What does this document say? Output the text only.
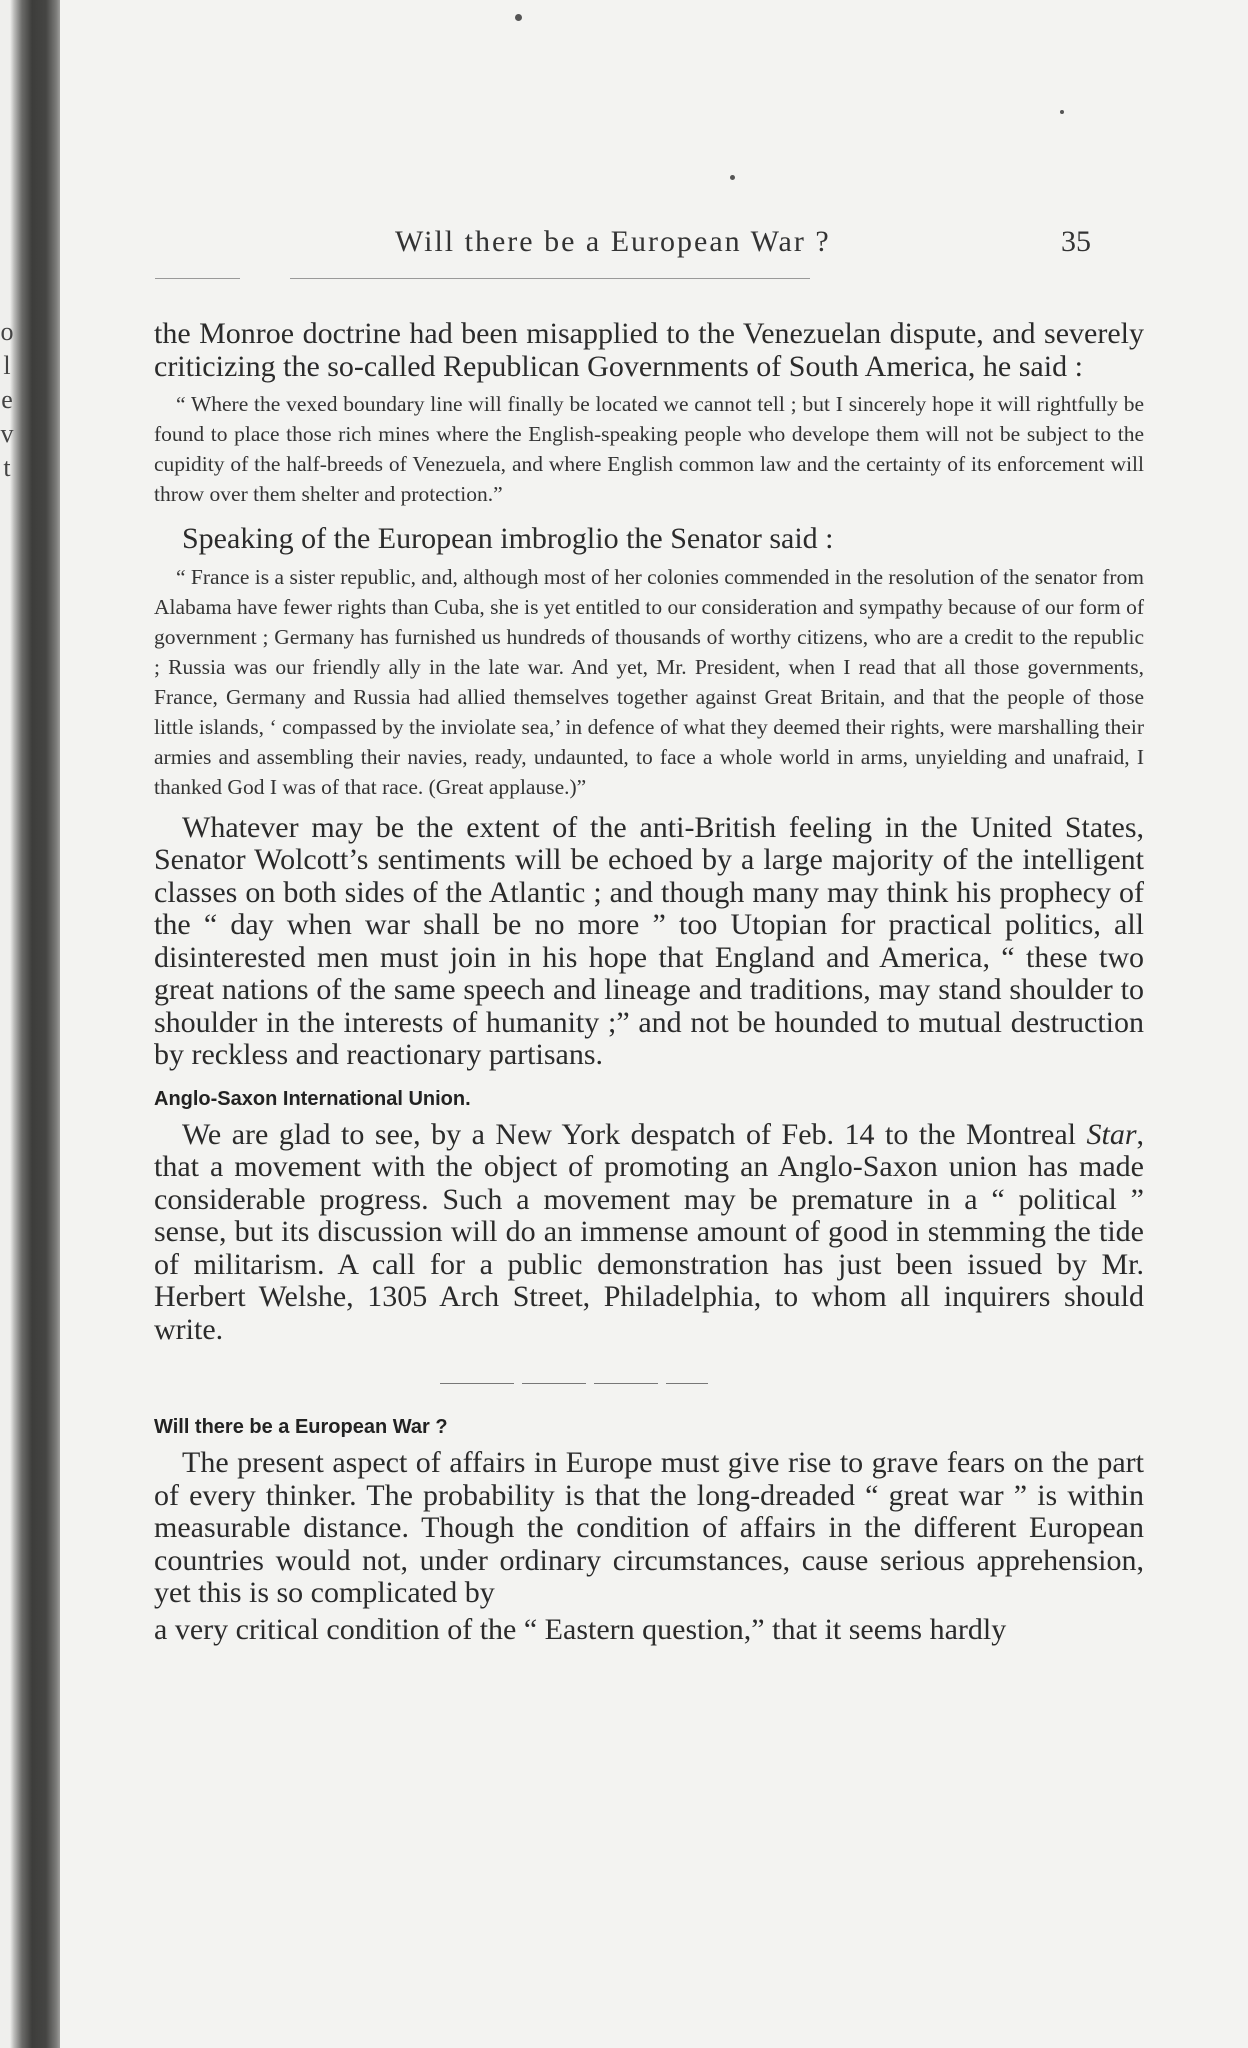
o
l
e
v
t
Will there be a European War ?	35

the Monroe doctrine had been misapplied to the Venezuelan dispute, and severely criticizing the so-called Republican Governments of South America, he said :

“ Where the vexed boundary line will finally be located we cannot tell ; but I sincerely hope it will rightfully be found to place those rich mines where the English-speaking people who develope them will not be subject to the cupidity of the half-breeds of Venezuela, and where English common law and the certainty of its enforcement will throw over them shelter and protection.”

Speaking of the European imbroglio the Senator said :

“ France is a sister republic, and, although most of her colonies commended in the resolution of the senator from Alabama have fewer rights than Cuba, she is yet entitled to our consideration and sympathy because of our form of government ; Germany has furnished us hundreds of thousands of worthy citizens, who are a credit to the republic ; Russia was our friendly ally in the late war. And yet, Mr. President, when I read that all those governments, France, Germany and Russia had allied themselves together against Great Britain, and that the people of those little islands, ‘ compassed by the inviolate sea,’ in defence of what they deemed their rights, were marshalling their armies and assembling their navies, ready, undaunted, to face a whole world in arms, unyielding and unafraid, I thanked God I was of that race. (Great applause.)”

Whatever may be the extent of the anti-British feeling in the United States, Senator Wolcott’s sentiments will be echoed by a large majority of the intelligent classes on both sides of the Atlantic ; and though many may think his prophecy of the “ day when war shall be no more ” too Utopian for practical politics, all disinterested men must join in his hope that England and America, “ these two great nations of the same speech and lineage and traditions, may stand shoulder to shoulder in the interests of humanity ;” and not be hounded to mutual destruction by reckless and reactionary partisans.

Anglo-Saxon International Union.

We are glad to see, by a New York despatch of Feb. 14 to the Montreal Star, that a movement with the object of promoting an Anglo-Saxon union has made considerable progress. Such a movement may be premature in a “ political ” sense, but its discussion will do an immense amount of good in stemming the tide of militarism. A call for a public demonstration has just been issued by Mr. Herbert Welshe, 1305 Arch Street, Philadelphia, to whom all inquirers should write.

Will there be a European War ?

The present aspect of affairs in Europe must give rise to grave fears on the part of every thinker. The probability is that the long-dreaded “ great war ” is within measurable distance. Though the condition of affairs in the different European countries would not, under ordinary circumstances, cause serious apprehension, yet this is so complicated by

a very critical condition of the “ Eastern question,” that it seems hardly
